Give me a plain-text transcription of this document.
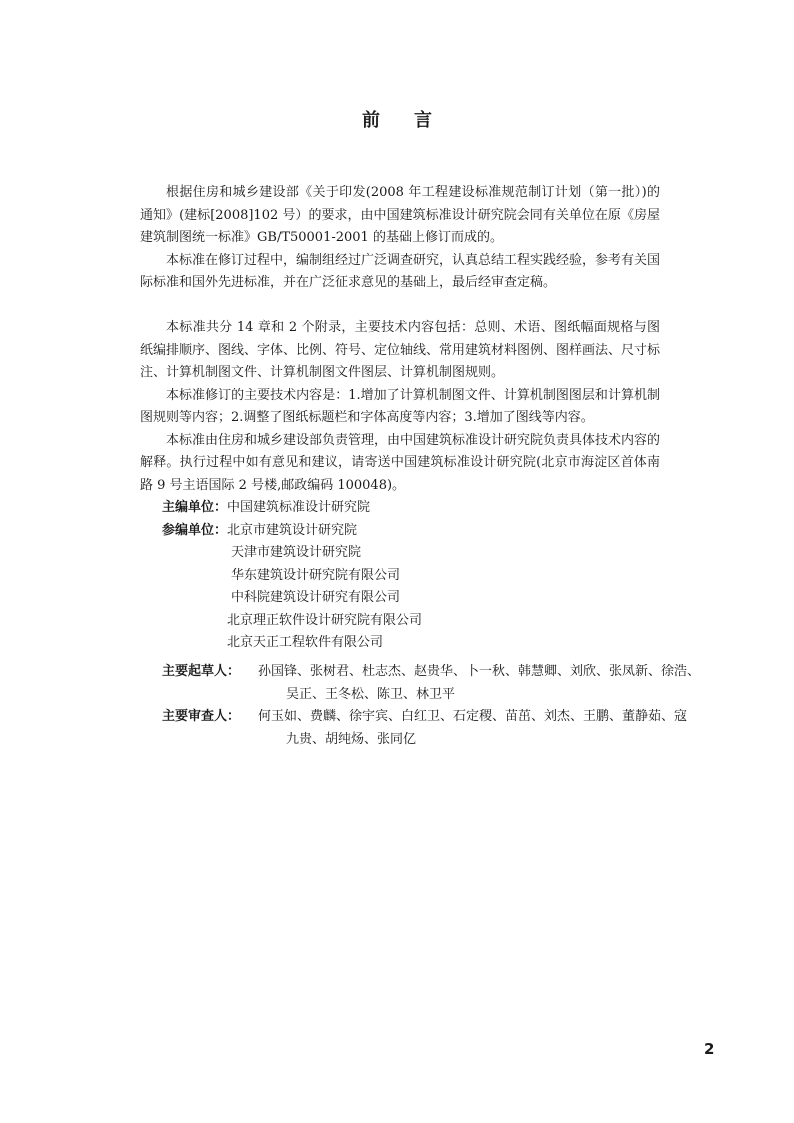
前言

根据住房和城乡建设部《关于印发(2008 年工程建设标准规范制订计划（第一批）)的通知》(建标[2008]102 号）的要求，由中国建筑标准设计研究院会同有关单位在原《房屋建筑制图统一标准》GB/T50001-2001 的基础上修订而成的。

本标准在修订过程中，编制组经过广泛调查研究，认真总结工程实践经验，参考有关国际标准和国外先进标准，并在广泛征求意见的基础上，最后经审查定稿。

本标准共分 14 章和 2 个附录，主要技术内容包括：总则、术语、图纸幅面规格与图纸编排顺序、图线、字体、比例、符号、定位轴线、常用建筑材料图例、图样画法、尺寸标注、计算机制图文件、计算机制图文件图层、计算机制图规则。

本标准修订的主要技术内容是：1.增加了计算机制图文件、计算机制图图层和计算机制图规则等内容；2.调整了图纸标题栏和字体高度等内容；3.增加了图线等内容。

本标准由住房和城乡建设部负责管理，由中国建筑标准设计研究院负责具体技术内容的解释。执行过程中如有意见和建议，请寄送中国建筑标准设计研究院(北京市海淀区首体南路 9 号主语国际 2 号楼,邮政编码 100048)。

主编单位： 中国建筑标准设计研究院
参编单位： 北京市建筑设计研究院
天津市建筑设计研究院
华东建筑设计研究院有限公司
中科院建筑设计研究有限公司
北京理正软件设计研究院有限公司
北京天正工程软件有限公司
主要起草人：	孙国锋、张树君、杜志杰、赵贵华、卜一秋、韩慧卿、刘欣、张凤新、徐浩、
吴正、王冬松、陈卫、林卫平
主要审查人：	何玉如、费麟、徐宇宾、白红卫、石定稷、苗茁、刘杰、王鹏、董静茹、寇
九贵、胡纯炀、张同亿
2
